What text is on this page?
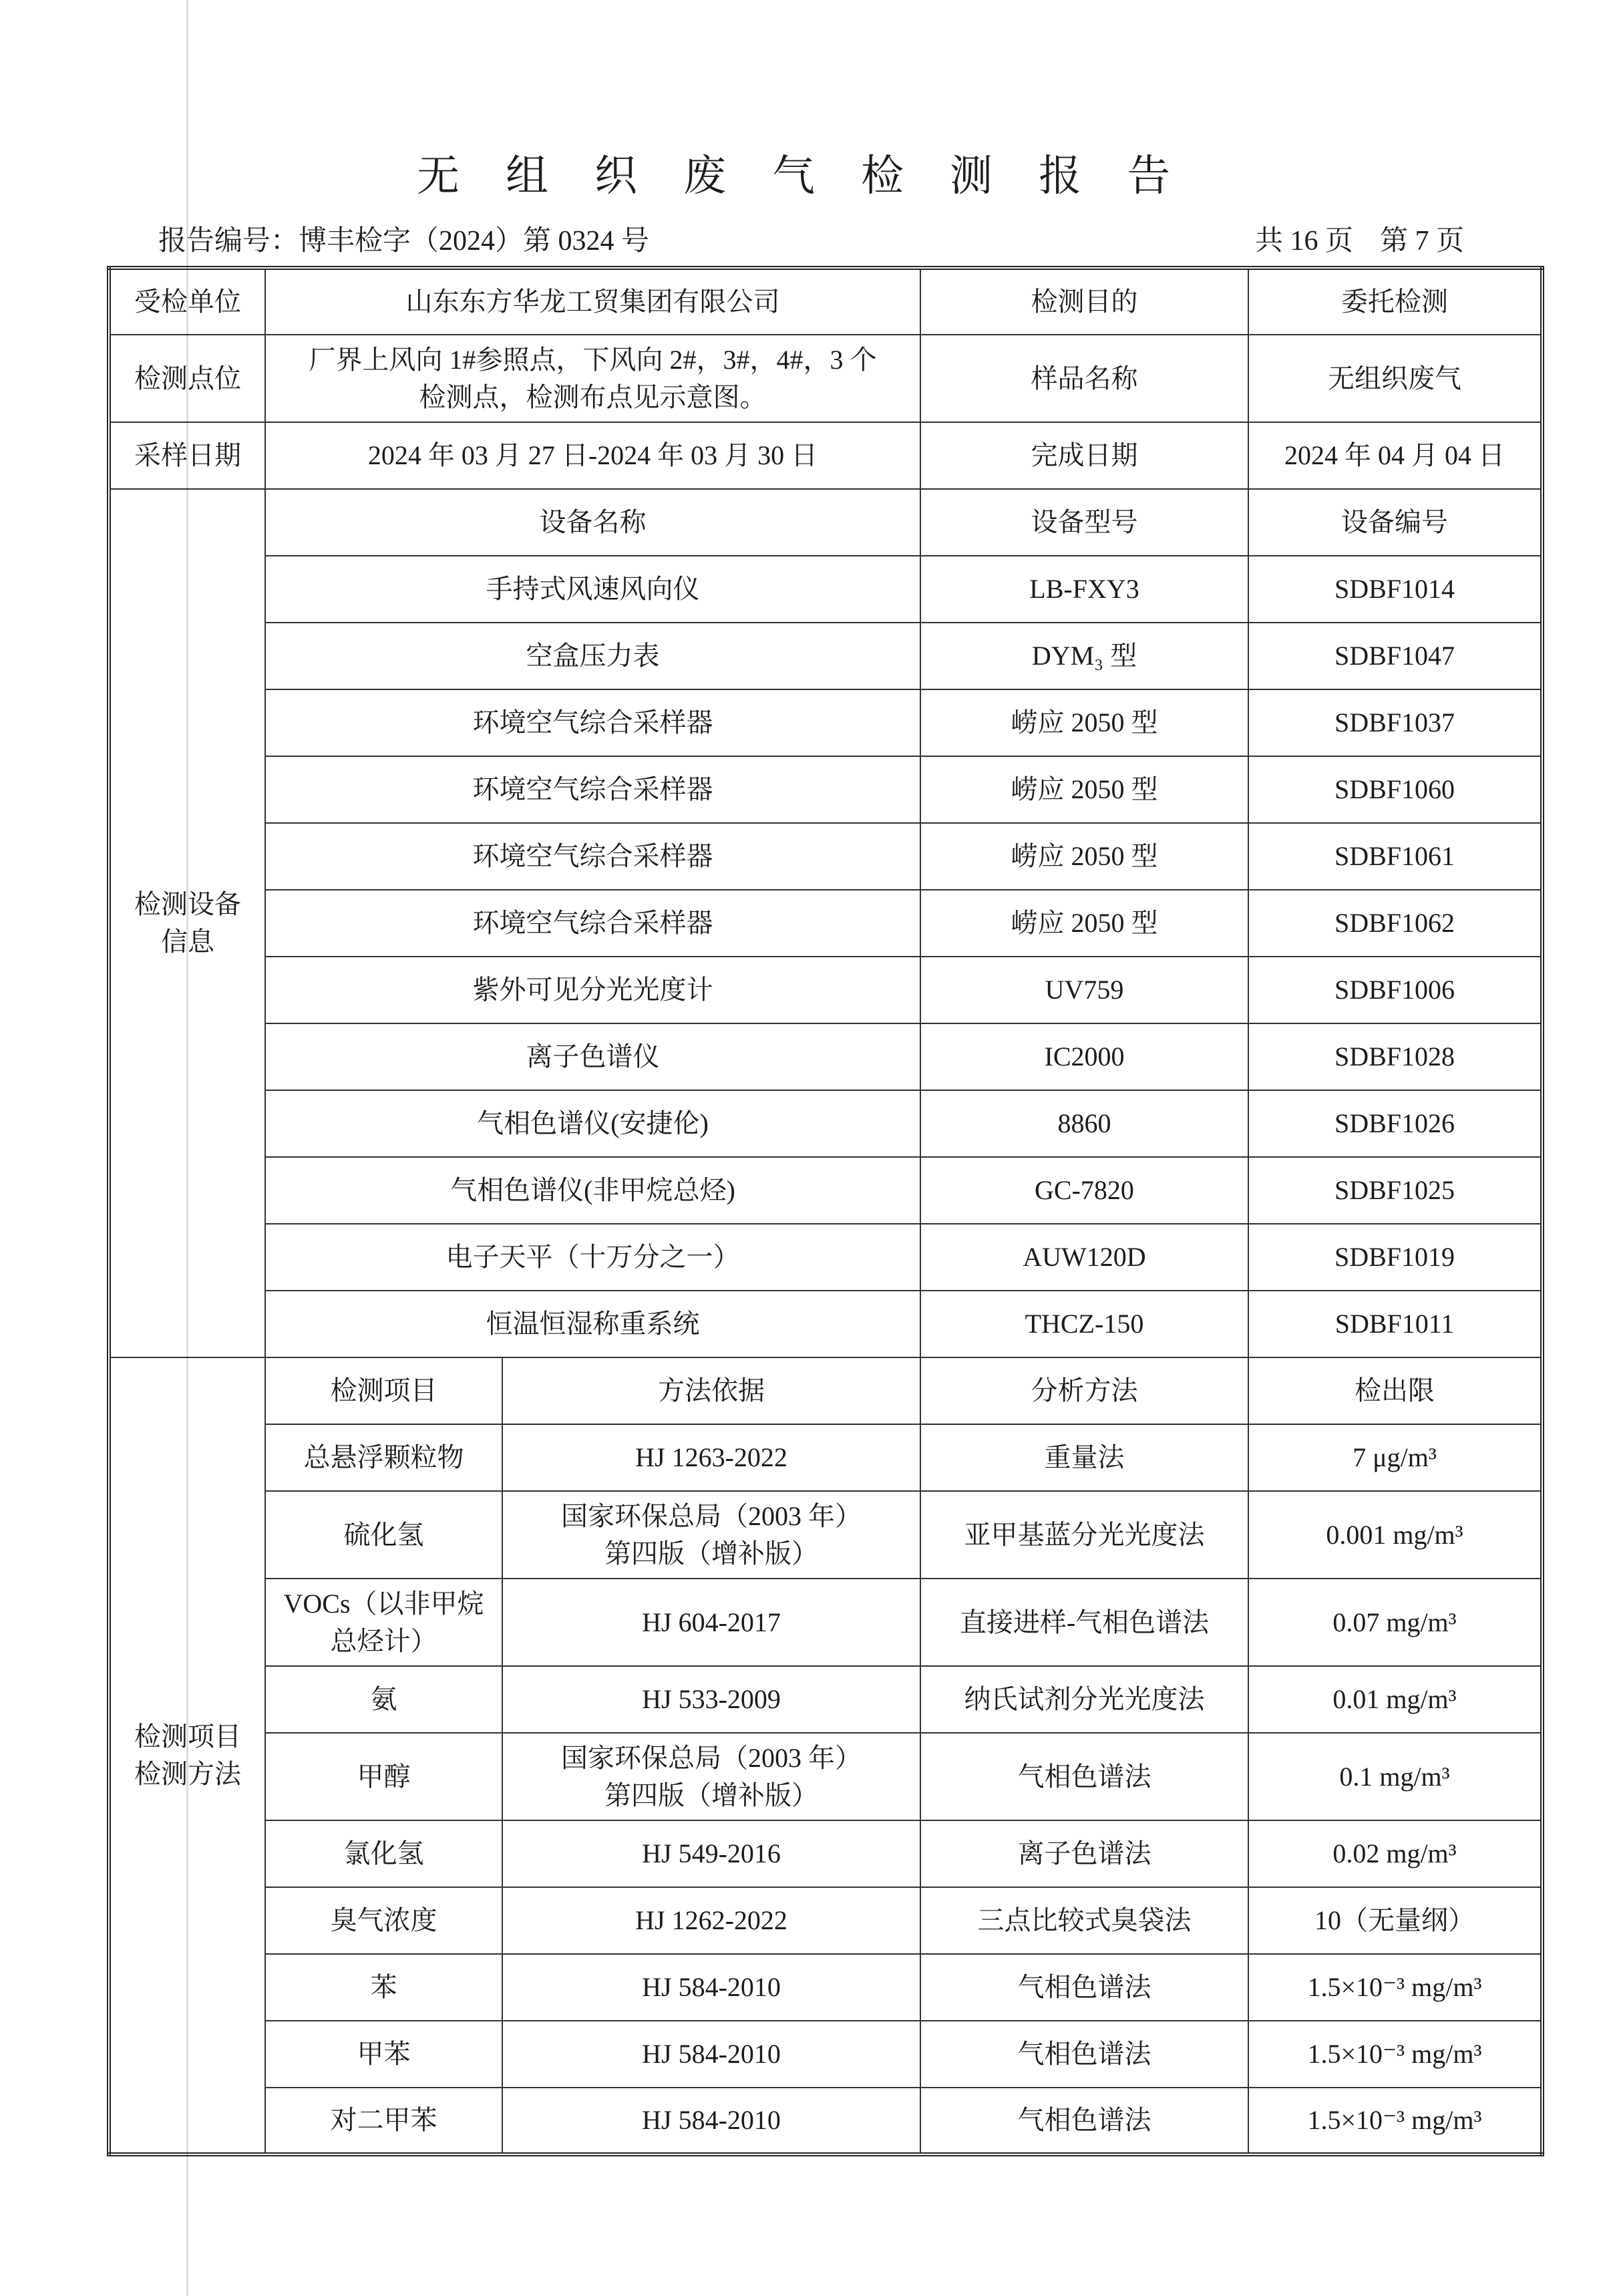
无组织废气检测报告
报告编号：博丰检字（2024）第 0324 号	共 16 页 第 7 页
受检单位	山东东方华龙工贸集团有限公司		检测目的	委托检测
检测点位	厂界上风向 1#参照点，下风向 2#，3#，4#，3 个
检测点，检测布点见示意图。		样品名称	无组织废气
采样日期	2024 年 03 月 27 日-2024 年 03 月 30 日		完成日期	2024 年 04 月 04 日

检测设备
信息	设备名称		设备型号	设备编号
	手持式风速风向仪		LB-FXY3	SDBF1014
	空盒压力表		DYM₃ 型	SDBF1047
	环境空气综合采样器		崂应 2050 型	SDBF1037
	环境空气综合采样器		崂应 2050 型	SDBF1060
	环境空气综合采样器		崂应 2050 型	SDBF1061
	环境空气综合采样器		崂应 2050 型	SDBF1062
	紫外可见分光光度计		UV759	SDBF1006
	离子色谱仪		IC2000	SDBF1028
	气相色谱仪(安捷伦)		8860	SDBF1026
	气相色谱仪(非甲烷总烃)		GC-7820	SDBF1025
	电子天平（十万分之一）		AUW120D	SDBF1019
	恒温恒湿称重系统		THCZ-150	SDBF1011

检测项目
检测方法	检测项目	方法依据	分析方法	检出限
	总悬浮颗粒物	HJ 1263-2022	重量法	7 μg/m³
	硫化氢	国家环保总局（2003 年）
第四版（增补版）	亚甲基蓝分光光度法	0.001 mg/m³

	VOCs（以非甲烷
总烃计）	HJ 604-2017	直接进样-气相色谱法	0.07 mg/m³
	氨	HJ 533-2009	纳氏试剂分光光度法	0.01 mg/m³
	甲醇	国家环保总局（2003 年）
第四版（增补版）	气相色谱法	0.1 mg/m³
	氯化氢	HJ 549-2016	离子色谱法	0.02 mg/m³
	臭气浓度	HJ 1262-2022	三点比较式臭袋法	10（无量纲）
	苯	HJ 584-2010	气相色谱法	1.5×10⁻³ mg/m³
	甲苯	HJ 584-2010	气相色谱法	1.5×10⁻³ mg/m³
	对二甲苯	HJ 584-2010	气相色谱法	1.5×10⁻³ mg/m³
